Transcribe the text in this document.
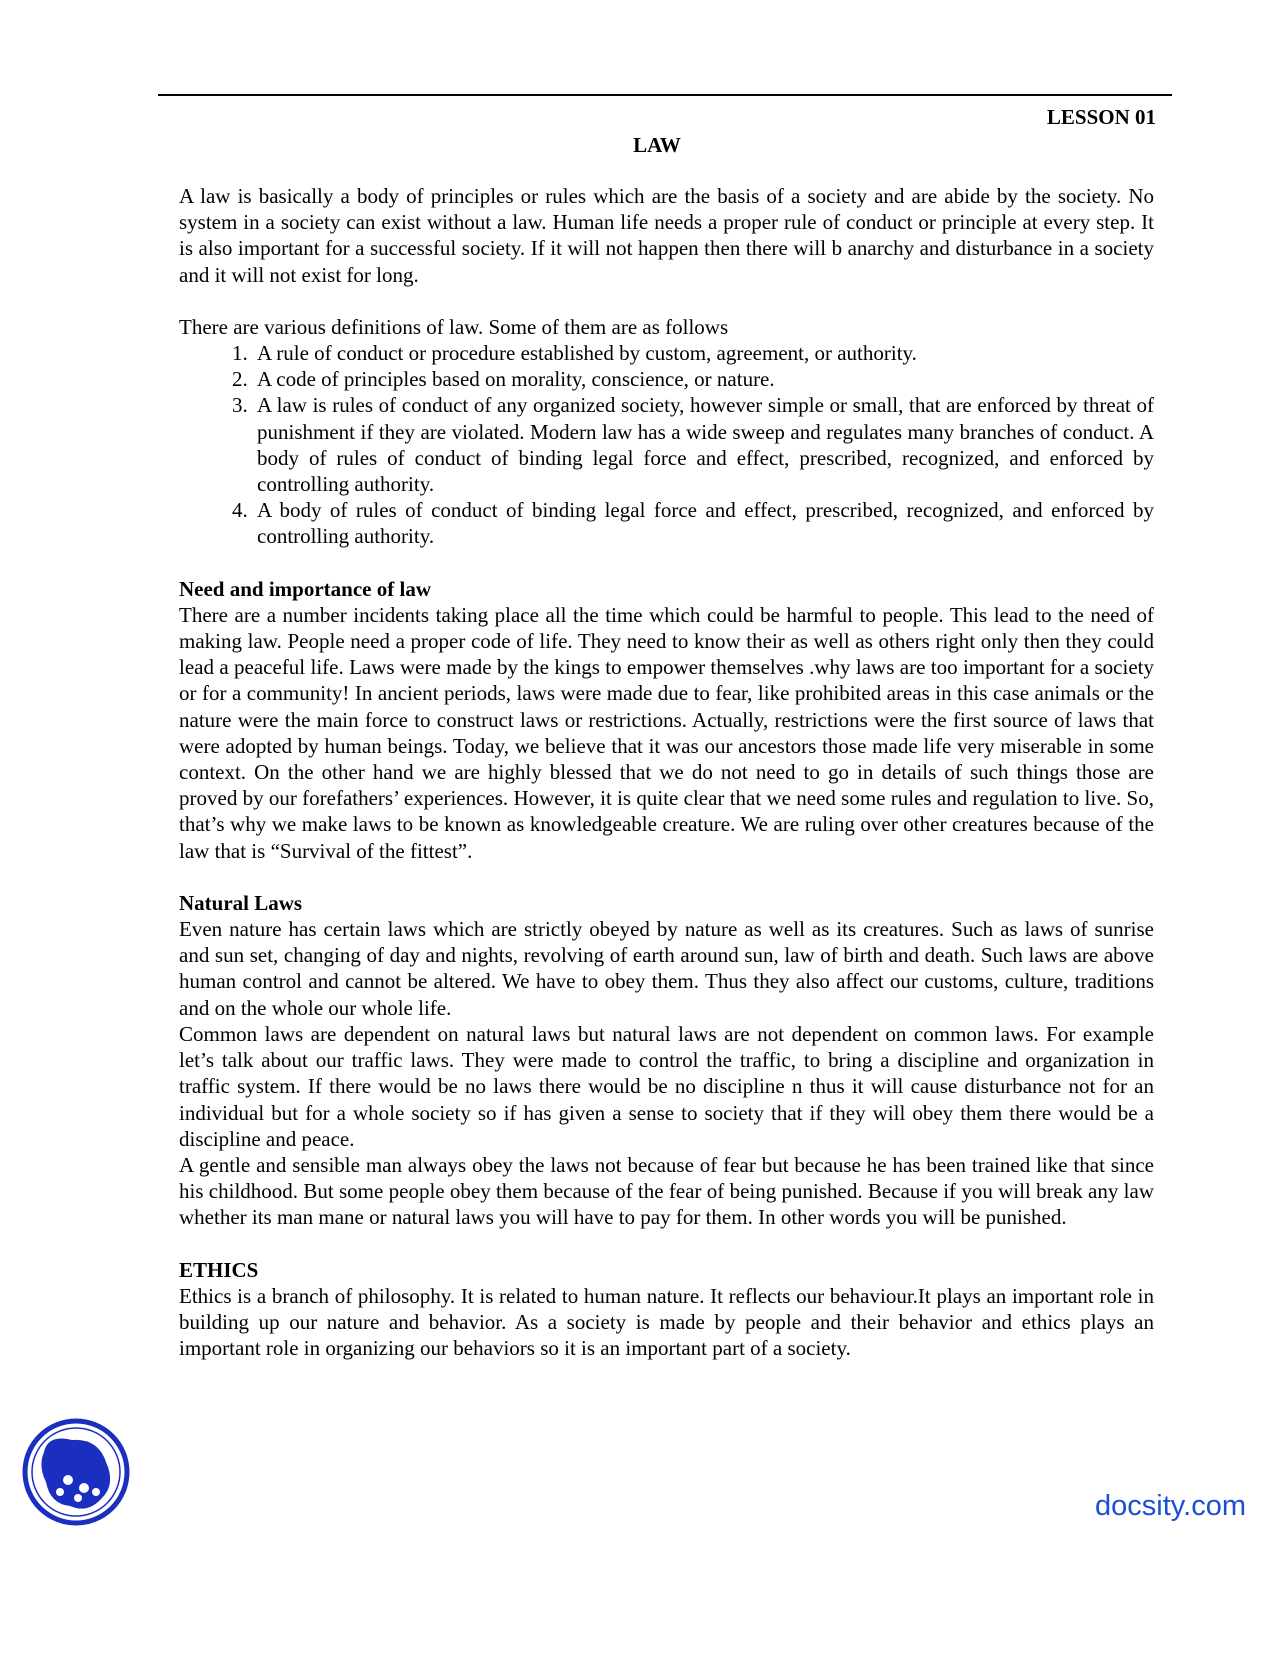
LESSON 01
LAW

A law is basically a body of principles or rules which are the basis of a society and are abide by the society. No system in a society can exist without a law. Human life needs a proper rule of conduct or principle at every step. It is also important for a successful society. If it will not happen then there will b anarchy and disturbance in a society and it will not exist for long.

There are various definitions of law. Some of them are as follows

1. A rule of conduct or procedure established by custom, agreement, or authority.
2. A code of principles based on morality, conscience, or nature.
3. A law is rules of conduct of any organized society, however simple or small, that are enforced by threat of punishment if they are violated. Modern law has a wide sweep and regulates many branches of conduct. A body of rules of conduct of binding legal force and effect, prescribed, recognized, and enforced by controlling authority.
4. A body of rules of conduct of binding legal force and effect, prescribed, recognized, and enforced by controlling authority.
Need and importance of law

There are a number incidents taking place all the time which could be harmful to people. This lead to the need of making law. People need a proper code of life. They need to know their as well as others right only then they could lead a peaceful life. Laws were made by the kings to empower themselves .why laws are too important for a society or for a community! In ancient periods, laws were made due to fear, like prohibited areas in this case animals or the nature were the main force to construct laws or restrictions. Actually, restrictions were the first source of laws that were adopted by human beings. Today, we believe that it was our ancestors those made life very miserable in some context. On the other hand we are highly blessed that we do not need to go in details of such things those are proved by our forefathers’ experiences. However, it is quite clear that we need some rules and regulation to live. So, that’s why we make laws to be known as knowledgeable creature. We are ruling over other creatures because of the law that is “Survival of the fittest”.

Natural Laws

Even nature has certain laws which are strictly obeyed by nature as well as its creatures. Such as laws of sunrise and sun set, changing of day and nights, revolving of earth around sun, law of birth and death. Such laws are above human control and cannot be altered. We have to obey them. Thus they also affect our customs, culture, traditions and on the whole our whole life.

Common laws are dependent on natural laws but natural laws are not dependent on common laws. For example let’s talk about our traffic laws. They were made to control the traffic, to bring a discipline and organization in traffic system. If there would be no laws there would be no discipline n thus it will cause disturbance not for an individual but for a whole society so if has given a sense to society that if they will obey them there would be a discipline and peace.

A gentle and sensible man always obey the laws not because of fear but because he has been trained like that since his childhood. But some people obey them because of the fear of being punished. Because if you will break any law whether its man mane or natural laws you will have to pay for them. In other words you will be punished.

ETHICS

Ethics is a branch of philosophy. It is related to human nature. It reflects our behaviour.It plays an important role in building up our nature and behavior. As a society is made by people and their behavior and ethics plays an important role in organizing our behaviors so it is an important part of a society.

docsity.com
